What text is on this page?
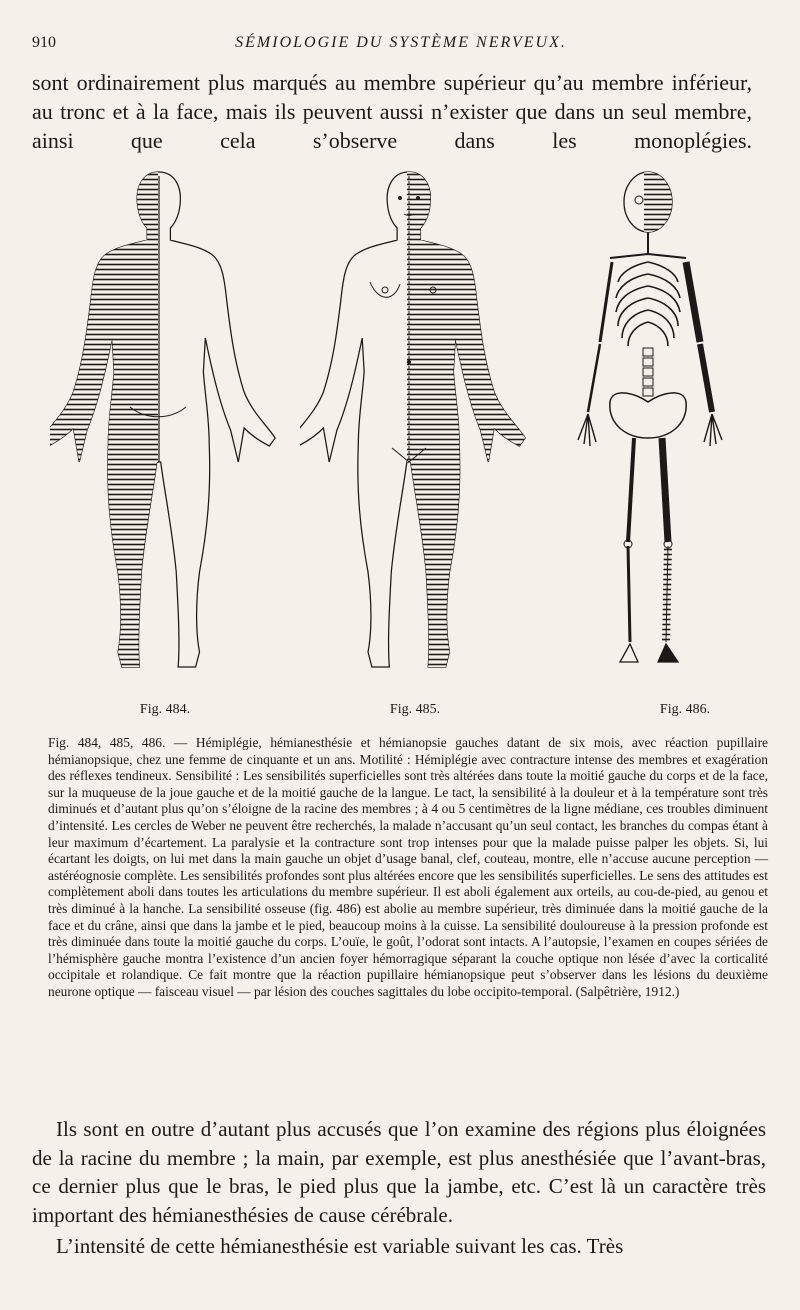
910	SÉMIOLOGIE DU SYSTÈME NERVEUX.
sont ordinairement plus marqués au membre supérieur qu’au membre inférieur, au tronc et à la face, mais ils peuvent aussi n’exister que dans un seul membre, ainsi que cela s’observe dans les monoplégies.
Fig. 484.	Fig. 485.	Fig. 486.
Fig. 484, 485, 486. — Hémiplégie, hémianesthésie et hémianopsie gauches datant de six mois, avec réaction pupillaire hémianopsique, chez une femme de cinquante et un ans. Motilité : Hémiplégie avec contracture intense des membres et exagération des réflexes tendineux. Sensibilité : Les sensibilités superficielles sont très altérées dans toute la moitié gauche du corps et de la face, sur la muqueuse de la joue gauche et de la moitié gauche de la langue. Le tact, la sensibilité à la douleur et à la température sont très diminués et d’autant plus qu’on s’éloigne de la racine des membres ; à 4 ou 5 centimètres de la ligne médiane, ces troubles diminuent d’intensité. Les cercles de Weber ne peuvent être recherchés, la malade n’accusant qu’un seul contact, les branches du compas étant à leur maximum d’écartement. La paralysie et la contracture sont trop intenses pour que la malade puisse palper les objets. Si, lui écartant les doigts, on lui met dans la main gauche un objet d’usage banal, clef, couteau, montre, elle n’accuse aucune perception — astéréognosie complète. Les sensibilités profondes sont plus altérées encore que les sensibilités superficielles. Le sens des attitudes est complètement aboli dans toutes les articulations du membre supérieur. Il est aboli également aux orteils, au cou-de-pied, au genou et très diminué à la hanche. La sensibilité osseuse (fig. 486) est abolie au membre supérieur, très diminuée dans la moitié gauche de la face et du crâne, ainsi que dans la jambe et le pied, beaucoup moins à la cuisse. La sensibilité douloureuse à la pression profonde est très diminuée dans toute la moitié gauche du corps. L’ouïe, le goût, l’odorat sont intacts. A l’autopsie, l’examen en coupes sériées de l’hémisphère gauche montra l’existence d’un ancien foyer hémorragique séparant la couche optique non lésée d’avec la corticalité occipitale et rolandique. Ce fait montre que la réaction pupillaire hémianopsique peut s’observer dans les lésions du deuxième neurone optique — faisceau visuel — par lésion des couches sagittales du lobe occipito-temporal. (Salpêtrière, 1912.)

Ils sont en outre d’autant plus accusés que l’on examine des régions plus éloignées de la racine du membre ; la main, par exemple, est plus anesthésiée que l’avant-bras, ce dernier plus que le bras, le pied plus que la jambe, etc. C’est là un caractère très important des hémianesthésies de cause cérébrale.

L’intensité de cette hémianesthésie est variable suivant les cas. Très
